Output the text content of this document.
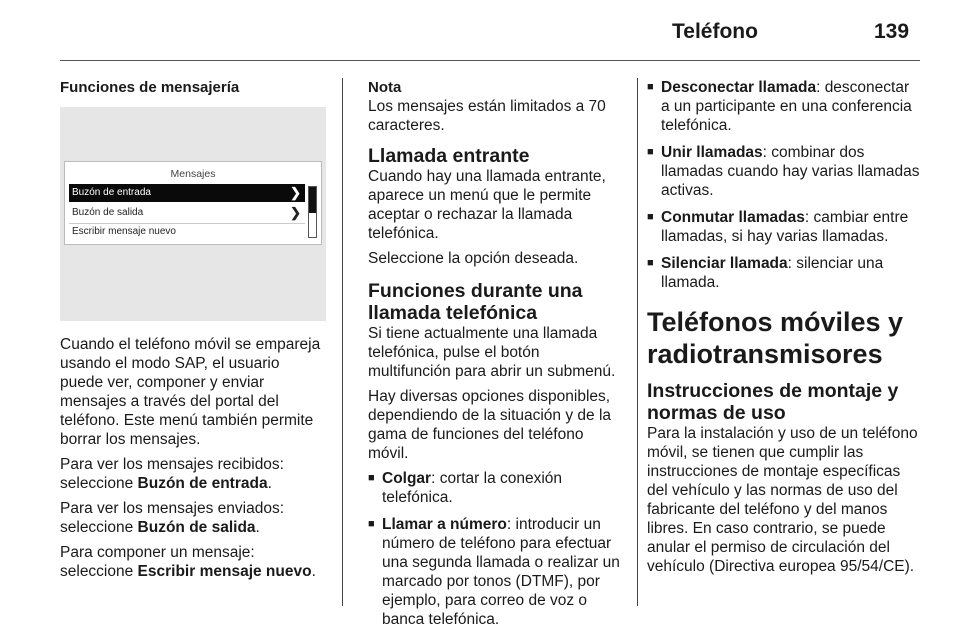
Teléfono	139
Funciones de mensajería
Mensajes
Buzón de entrada	❯
Buzón de salida	❯
Escribir mensaje nuevo

Cuando el teléfono móvil se empareja usando el modo SAP, el usuario puede ver, componer y enviar mensajes a través del portal del teléfono. Este menú también permite borrar los mensajes.

Para ver los mensajes recibidos: seleccione Buzón de entrada.

Para ver los mensajes enviados: seleccione Buzón de salida.

Para componer un mensaje: seleccione Escribir mensaje nuevo.

Nota

Los mensajes están limitados a 70 caracteres.

Llamada entrante

Cuando hay una llamada entrante, aparece un menú que le permite aceptar o rechazar la llamada telefónica.

Seleccione la opción deseada.

Funciones durante una llamada telefónica

Si tiene actualmente una llamada telefónica, pulse el botón multifunción para abrir un submenú.

Hay diversas opciones disponibles, dependiendo de la situación y de la gama de funciones del teléfono móvil.

■ Colgar: cortar la conexión telefónica.
■ Llamar a número: introducir un número de teléfono para efectuar una segunda llamada o realizar un marcado por tonos (DTMF), por ejemplo, para correo de voz o banca telefónica.
■ Desconectar llamada: desconectar a un participante en una conferencia telefónica.
■ Unir llamadas: combinar dos llamadas cuando hay varias llamadas activas.
■ Conmutar llamadas: cambiar entre llamadas, si hay varias llamadas.
■ Silenciar llamada: silenciar una llamada.
Teléfonos móviles y radiotransmisores
Instrucciones de montaje y normas de uso

Para la instalación y uso de un teléfono móvil, se tienen que cumplir las instrucciones de montaje específicas del vehículo y las normas de uso del fabricante del teléfono y del manos libres. En caso contrario, se puede anular el permiso de circulación del vehículo (Directiva europea 95/54/CE).
